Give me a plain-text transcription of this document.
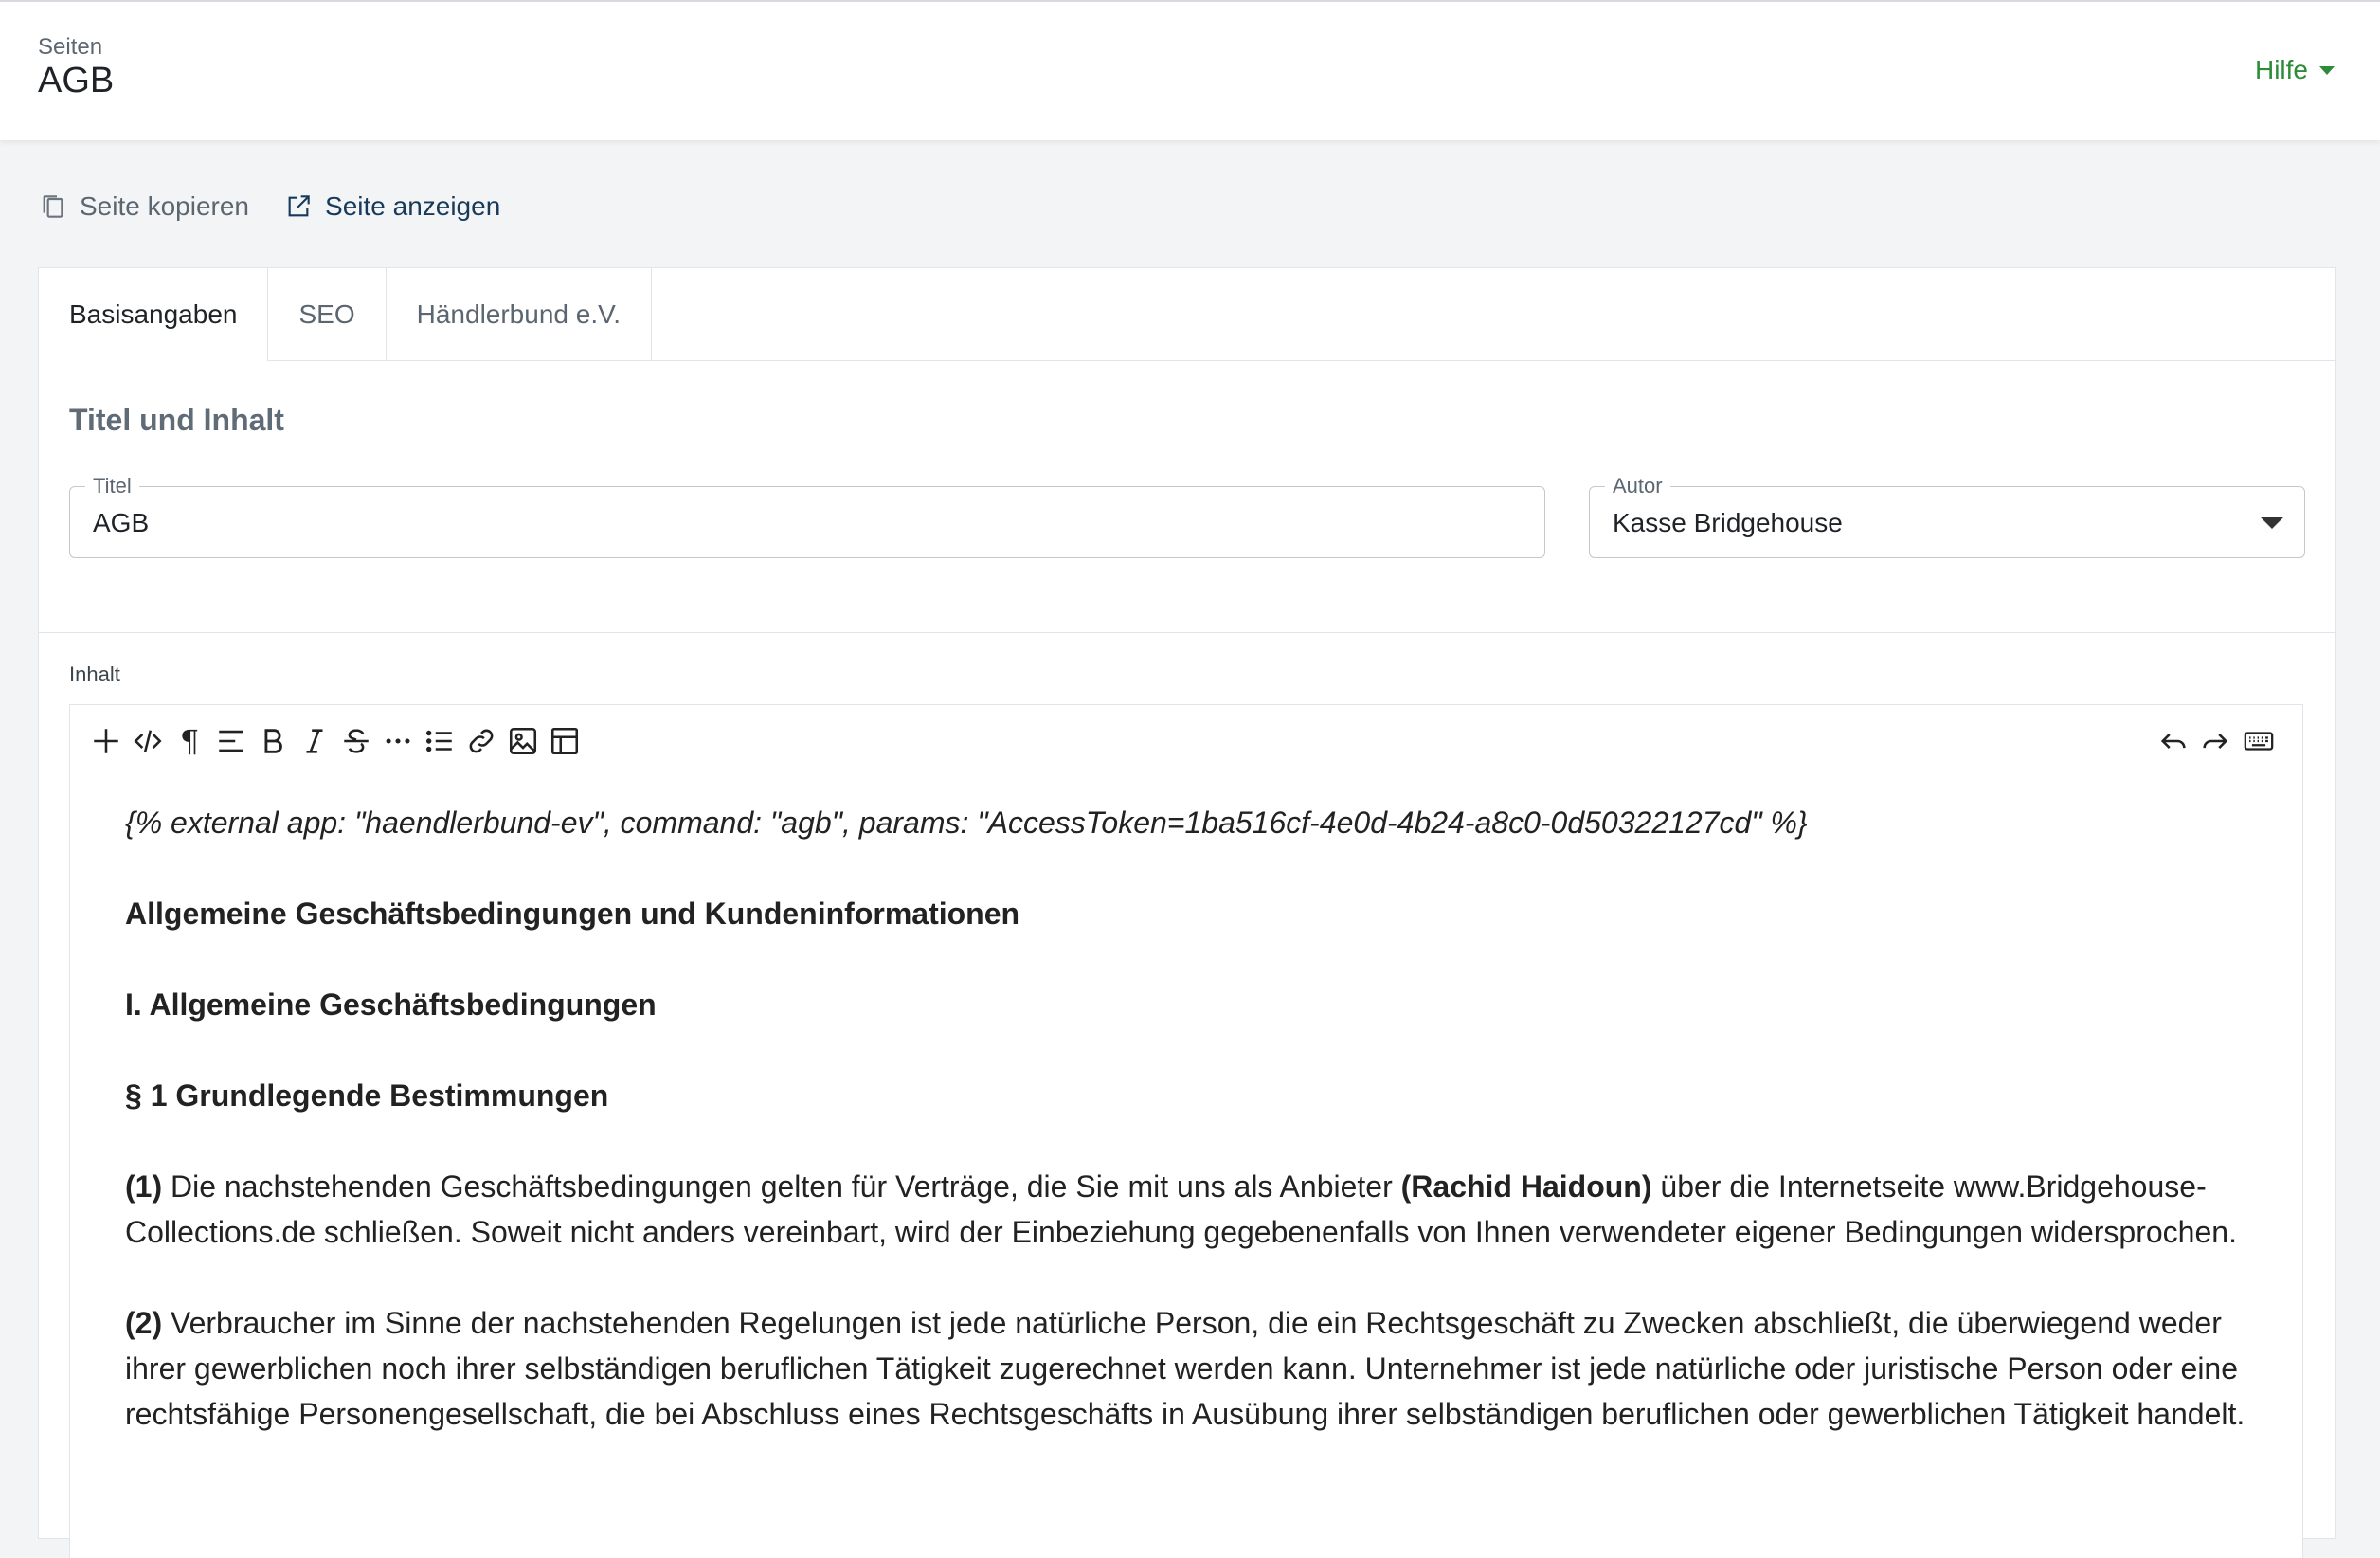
Seiten
AGB	Hilfe
Seite kopieren	Seite anzeigen
Basisangaben	SEO	Händlerbund e.V.
Titel und Inhalt
Titel
AGB
Autor
Kasse Bridgehouse
Inhalt
¶

{% external app: "haendlerbund-ev", command: "agb", params: "AccessToken=1ba516cf-4e0d-4b24-a8c0-0d50322127cd" %}

Allgemeine Geschäftsbedingungen und Kundeninformationen

I. Allgemeine Geschäftsbedingungen

§ 1 Grundlegende Bestimmungen

(1) Die nachstehenden Geschäftsbedingungen gelten für Verträge, die Sie mit uns als Anbieter (Rachid Haidoun) über die Internetseite www.Bridgehouse-Collections.de schließen. Soweit nicht anders vereinbart, wird der Einbeziehung gegebenenfalls von Ihnen verwendeter eigener Bedingungen widersprochen.

(2) Verbraucher im Sinne der nachstehenden Regelungen ist jede natürliche Person, die ein Rechtsgeschäft zu Zwecken abschließt, die überwiegend weder ihrer gewerblichen noch ihrer selbständigen beruflichen Tätigkeit zugerechnet werden kann. Unternehmer ist jede natürliche oder juristische Person oder eine rechtsfähige Personengesellschaft, die bei Abschluss eines Rechtsgeschäfts in Ausübung ihrer selbständigen beruflichen oder gewerblichen Tätigkeit handelt.
